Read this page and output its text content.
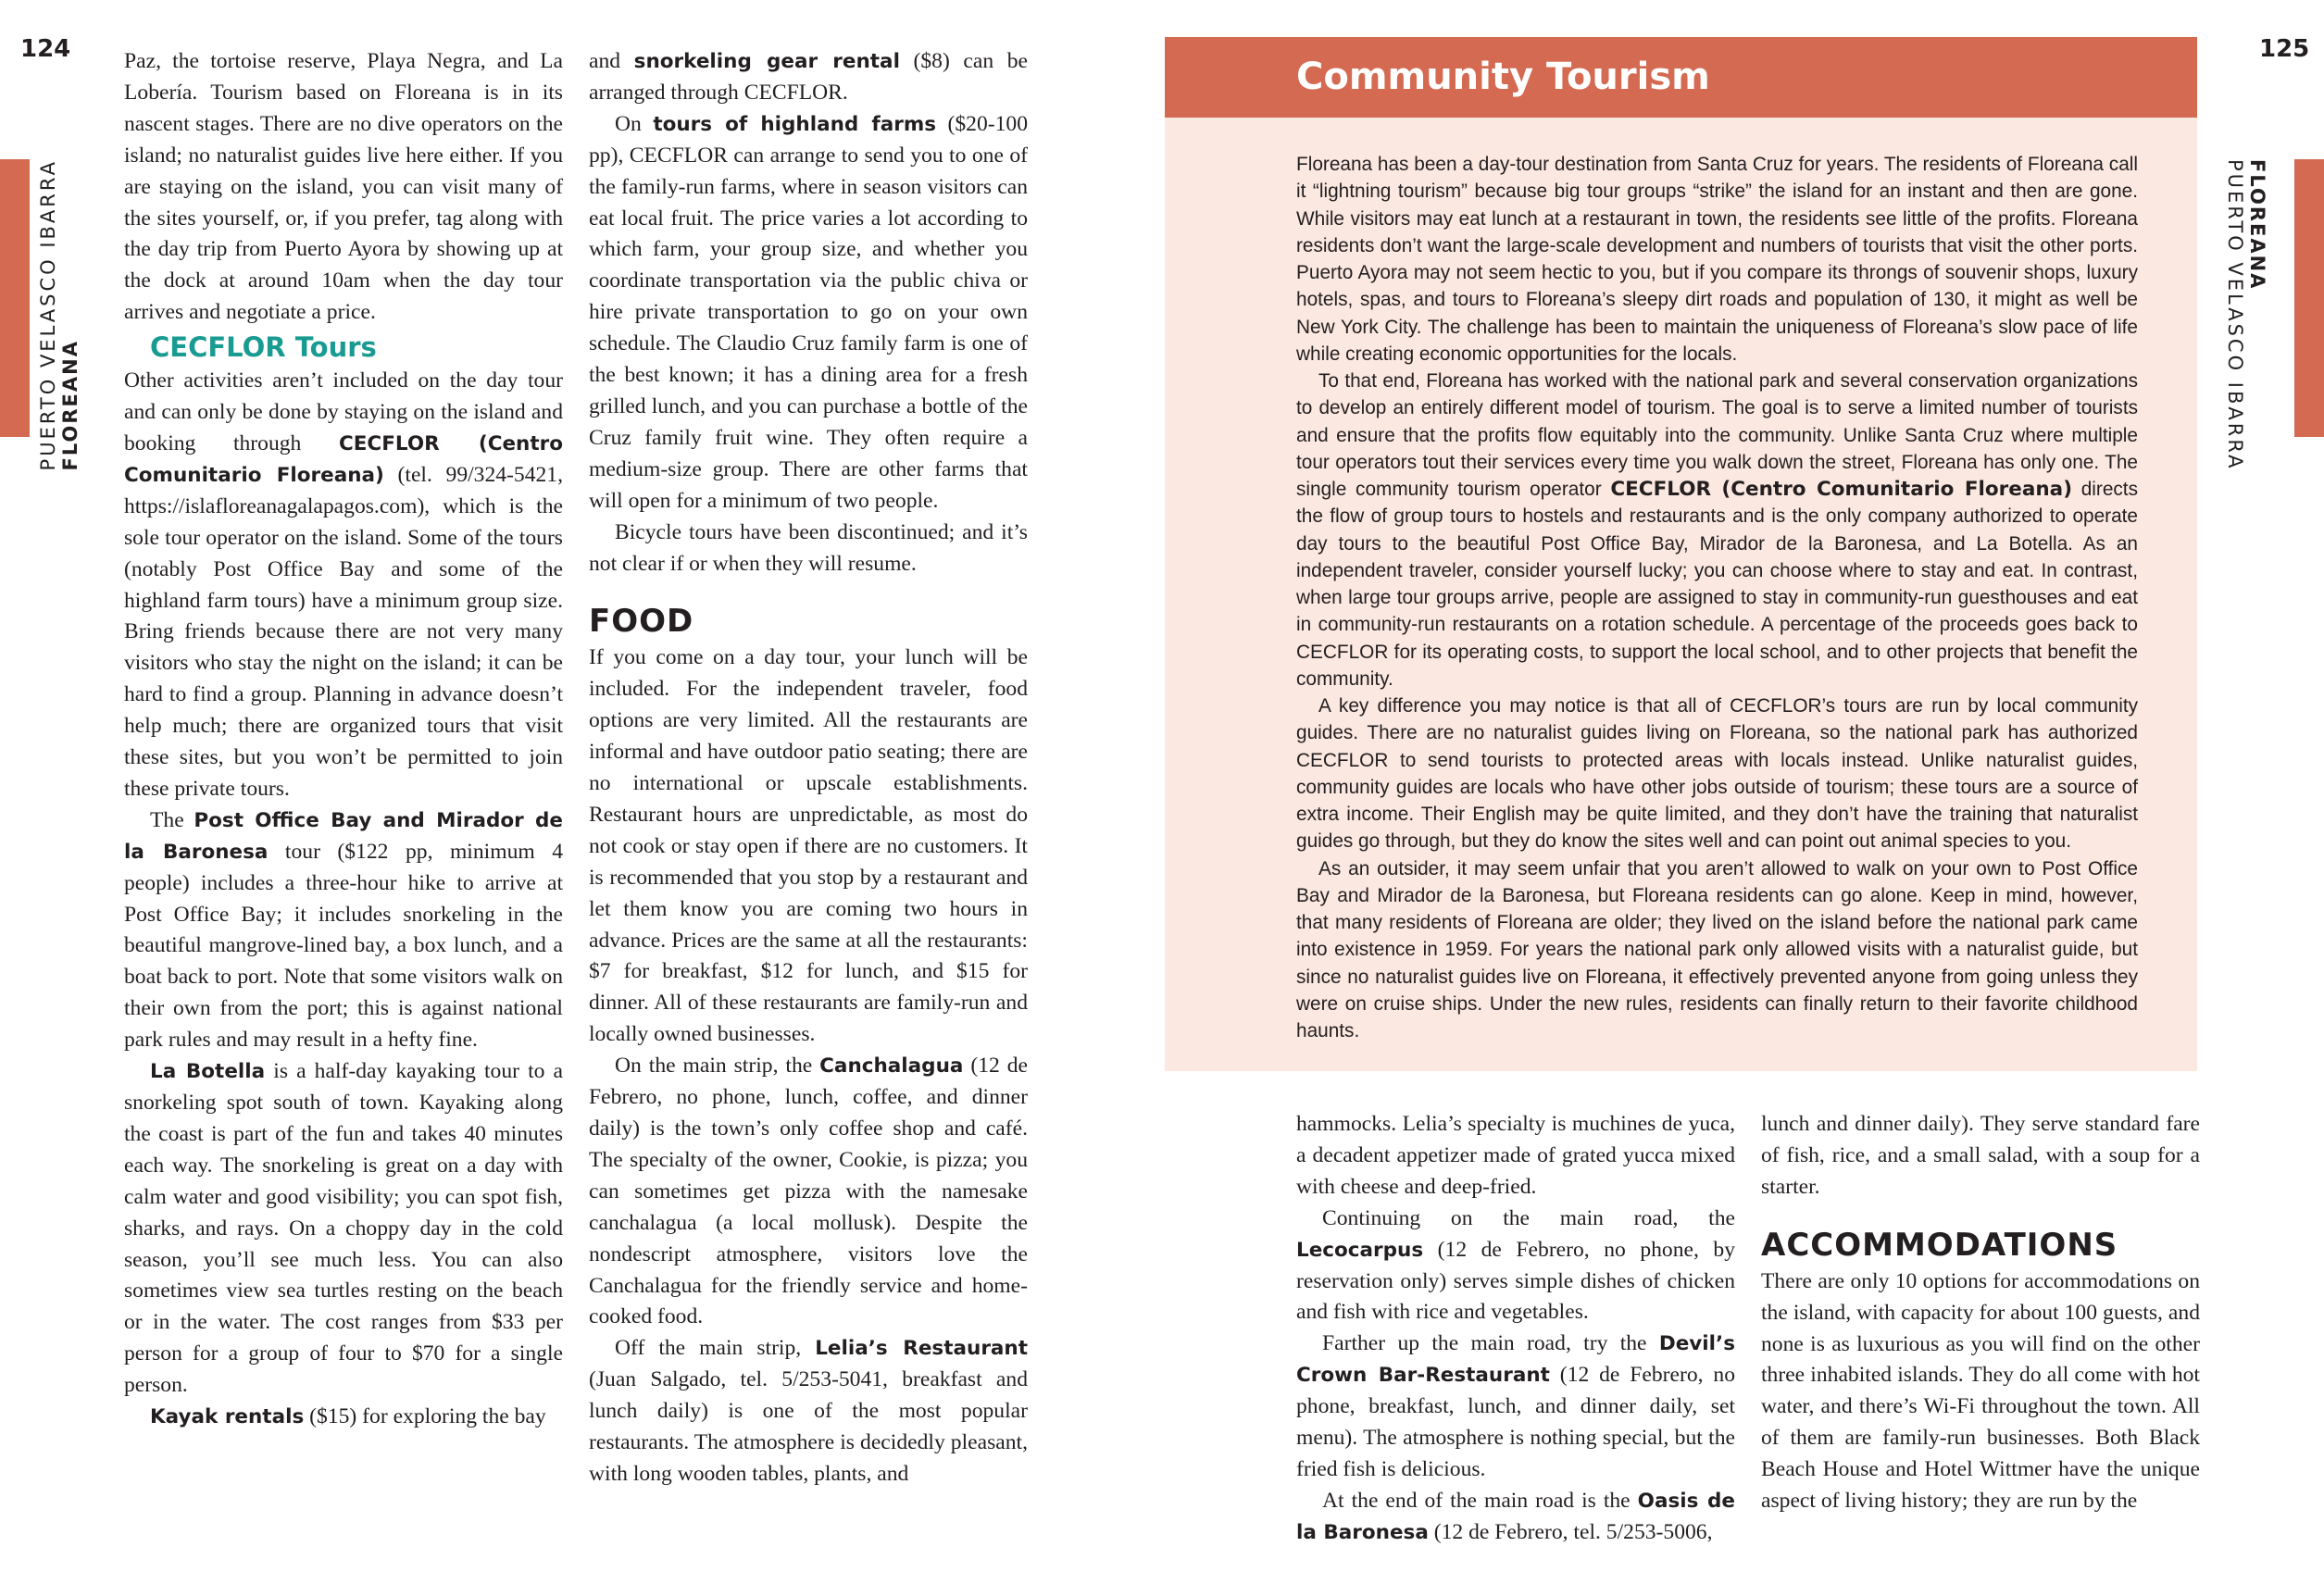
124
FLOREANA
PUERTO VELASCO IBARRA
125
FLOREANA
PUERTO VELASCO IBARRA

Paz, the tortoise reserve, Playa Negra, and La Lobería. Tourism based on Floreana is in its nascent stages. There are no dive operators on the island; no naturalist guides live here either. If you are staying on the island, you can visit many of the sites yourself, or, if you prefer, tag along with the day trip from Puerto Ayora by showing up at the dock at around 10am when the day tour arrives and negotiate a price.

CECFLOR Tours

Other activities aren’t included on the day tour and can only be done by staying on the island and booking through CECFLOR (Centro Comunitario Floreana) (tel. 99/324-5421, https://islafloreanagalapagos.com), which is the sole tour operator on the island. Some of the tours (notably Post Office Bay and some of the highland farm tours) have a minimum group size. Bring friends because there are not very many visitors who stay the night on the island; it can be hard to find a group. Planning in advance doesn’t help much; there are organized tours that visit these sites, but you won’t be permitted to join these private tours.

The Post Office Bay and Mirador de la Baronesa tour ($122 pp, minimum 4 people) includes a three-hour hike to arrive at Post Office Bay; it includes snorkeling in the beautiful mangrove-lined bay, a box lunch, and a boat back to port. Note that some visitors walk on their own from the port; this is against national park rules and may result in a hefty fine.

La Botella is a half-day kayaking tour to a snorkeling spot south of town. Kayaking along the coast is part of the fun and takes 40 minutes each way. The snorkeling is great on a day with calm water and good visibility; you can spot fish, sharks, and rays. On a choppy day in the cold season, you’ll see much less. You can also sometimes view sea turtles resting on the beach or in the water. The cost ranges from $33 per person for a group of four to $70 for a single person.

Kayak rentals ($15) for exploring the bay

and snorkeling gear rental ($8) can be arranged through CECFLOR.

On tours of highland farms ($20-100 pp), CECFLOR can arrange to send you to one of the family-run farms, where in season visitors can eat local fruit. The price varies a lot according to which farm, your group size, and whether you coordinate transportation via the public chiva or hire private transportation to go on your own schedule. The Claudio Cruz family farm is one of the best known; it has a dining area for a fresh grilled lunch, and you can purchase a bottle of the Cruz family fruit wine. They often require a medium-size group. There are other farms that will open for a minimum of two people.

Bicycle tours have been discontinued; and it’s not clear if or when they will resume.

FOOD

If you come on a day tour, your lunch will be included. For the independent traveler, food options are very limited. All the restaurants are informal and have outdoor patio seating; there are no international or upscale establishments. Restaurant hours are unpredictable, as most do not cook or stay open if there are no customers. It is recommended that you stop by a restaurant and let them know you are coming two hours in advance. Prices are the same at all the restaurants: $7 for breakfast, $12 for lunch, and $15 for dinner. All of these restaurants are family-run and locally owned businesses.

On the main strip, the Canchalagua (12 de Febrero, no phone, lunch, coffee, and dinner daily) is the town’s only coffee shop and café. The specialty of the owner, Cookie, is pizza; you can sometimes get pizza with the namesake canchalagua (a local mollusk). Despite the nondescript atmosphere, visitors love the Canchalagua for the friendly service and home-cooked food.

Off the main strip, Lelia’s Restaurant (Juan Salgado, tel. 5/253-5041, breakfast and lunch daily) is one of the most popular restaurants. The atmosphere is decidedly pleasant, with long wooden tables, plants, and

Community Tourism

Floreana has been a day-tour destination from Santa Cruz for years. The residents of Floreana call it “lightning tourism” because big tour groups “strike” the island for an instant and then are gone. While visitors may eat lunch at a restaurant in town, the residents see little of the profits. Floreana residents don’t want the large-scale development and numbers of tourists that visit the other ports. Puerto Ayora may not seem hectic to you, but if you compare its throngs of souvenir shops, luxury hotels, spas, and tours to Floreana’s sleepy dirt roads and population of 130, it might as well be New York City. The challenge has been to maintain the uniqueness of Floreana’s slow pace of life while creating economic opportunities for the locals.

To that end, Floreana has worked with the national park and several conservation organizations to develop an entirely different model of tourism. The goal is to serve a limited number of tourists and ensure that the profits flow equitably into the community. Unlike Santa Cruz where multiple tour operators tout their services every time you walk down the street, Floreana has only one. The single community tourism operator CECFLOR (Centro Comunitario Floreana) directs the flow of group tours to hostels and restaurants and is the only company authorized to operate day tours to the beautiful Post Office Bay, Mirador de la Baronesa, and La Botella. As an independent traveler, consider yourself lucky; you can choose where to stay and eat. In contrast, when large tour groups arrive, people are assigned to stay in community-run guesthouses and eat in community-run restaurants on a rotation schedule. A percentage of the proceeds goes back to CECFLOR for its operating costs, to support the local school, and to other projects that benefit the community.

A key difference you may notice is that all of CECFLOR’s tours are run by local community guides. There are no naturalist guides living on Floreana, so the national park has authorized CECFLOR to send tourists to protected areas with locals instead. Unlike naturalist guides, community guides are locals who have other jobs outside of tourism; these tours are a source of extra income. Their English may be quite limited, and they don’t have the training that naturalist guides go through, but they do know the sites well and can point out animal species to you.

As an outsider, it may seem unfair that you aren’t allowed to walk on your own to Post Office Bay and Mirador de la Baronesa, but Floreana residents can go alone. Keep in mind, however, that many residents of Floreana are older; they lived on the island before the national park came into existence in 1959. For years the national park only allowed visits with a naturalist guide, but since no naturalist guides live on Floreana, it effectively prevented anyone from going unless they were on cruise ships. Under the new rules, residents can finally return to their favorite childhood haunts.

hammocks. Lelia’s specialty is muchines de yuca, a decadent appetizer made of grated yucca mixed with cheese and deep-fried.

Continuing on the main road, the Lecocarpus (12 de Febrero, no phone, by reservation only) serves simple dishes of chicken and fish with rice and vegetables.

Farther up the main road, try the Devil’s Crown Bar-Restaurant (12 de Febrero, no phone, breakfast, lunch, and dinner daily, set menu). The atmosphere is nothing special, but the fried fish is delicious.

At the end of the main road is the Oasis de la Baronesa (12 de Febrero, tel. 5/253-5006,

lunch and dinner daily). They serve standard fare of fish, rice, and a small salad, with a soup for a starter.

ACCOMMODATIONS

There are only 10 options for accommodations on the island, with capacity for about 100 guests, and none is as luxurious as you will find on the other three inhabited islands. They do all come with hot water, and there’s Wi-Fi throughout the town. All of them are family-run businesses. Both Black Beach House and Hotel Wittmer have the unique aspect of living history; they are run by the
